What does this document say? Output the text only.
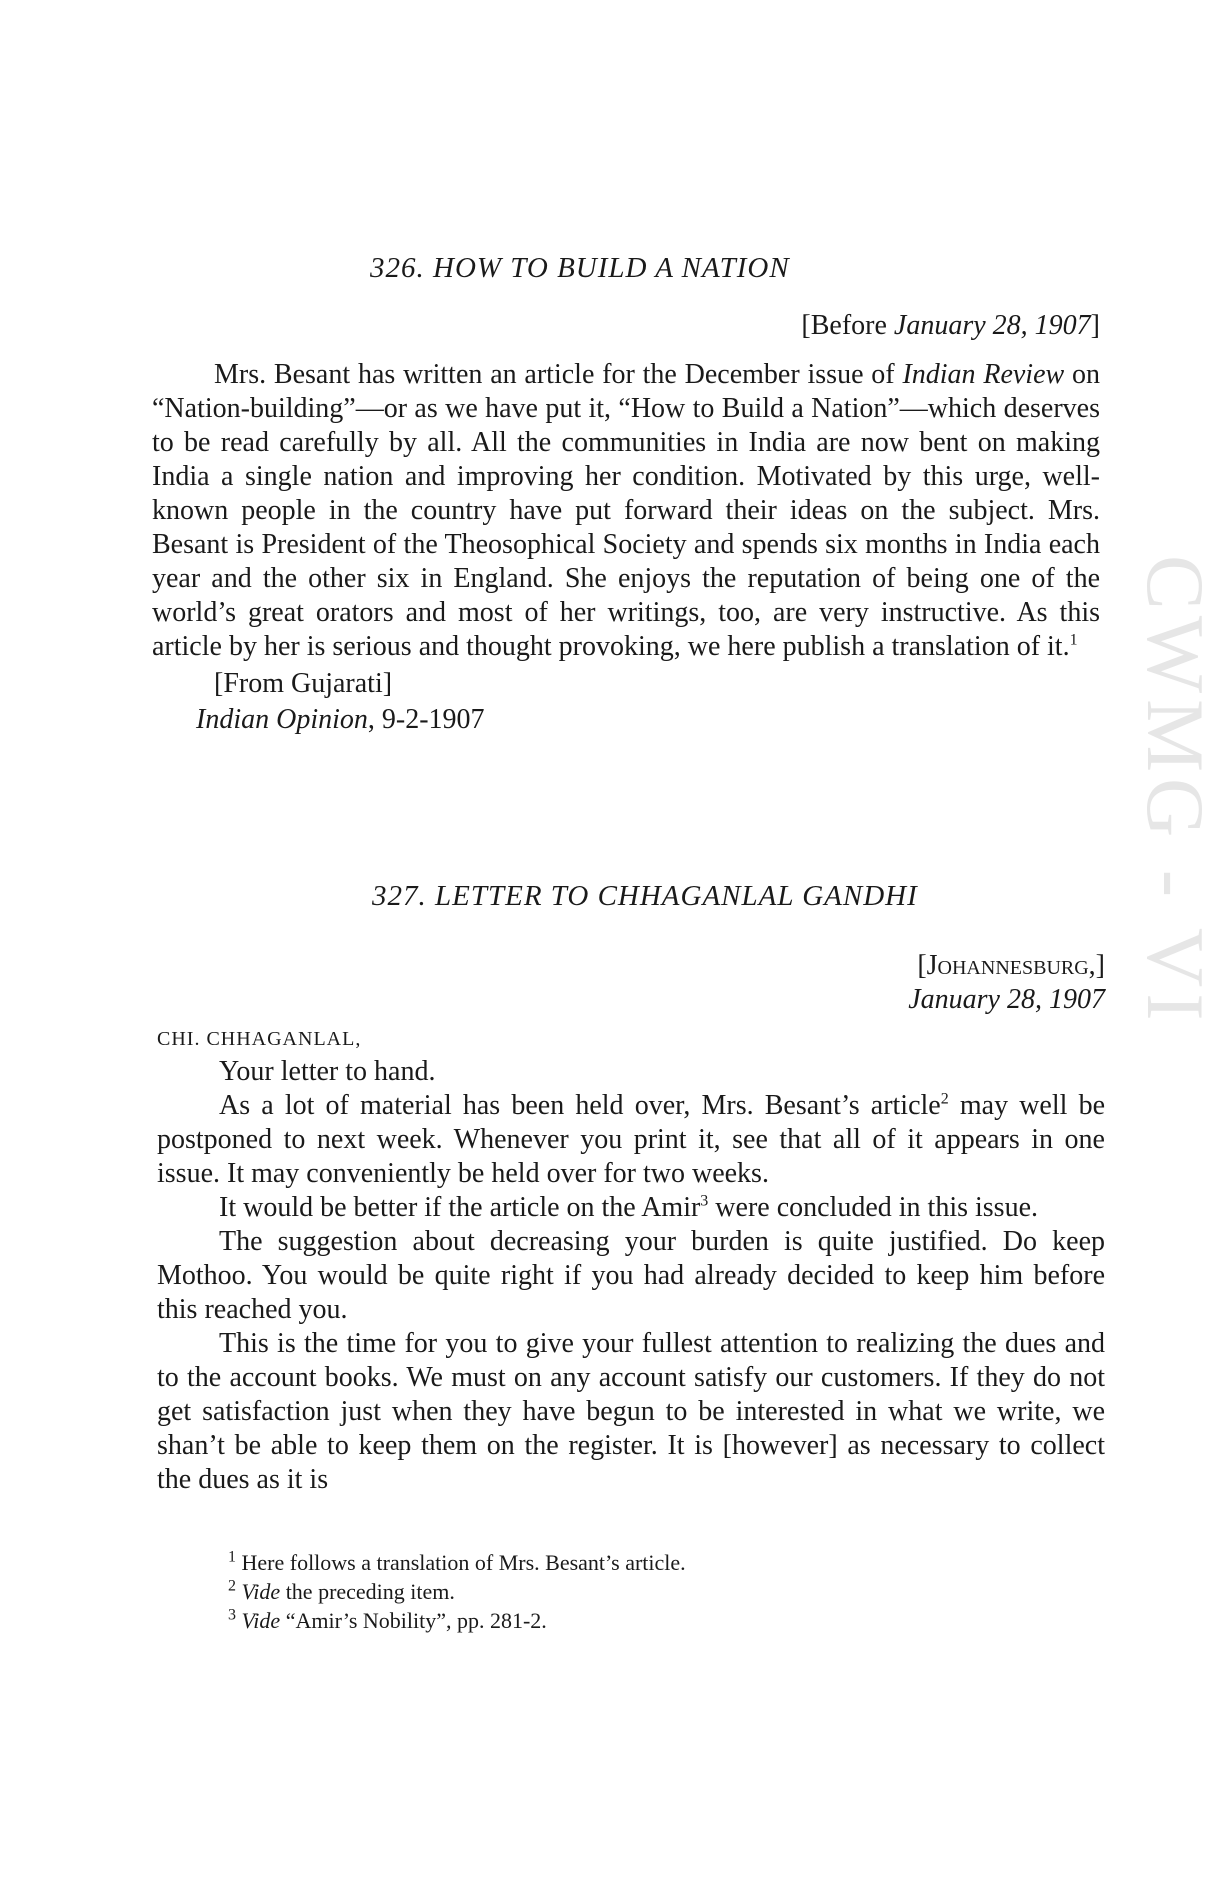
326. HOW TO BUILD A NATION
[Before January 28, 1907]

Mrs. Besant has written an article for the December issue of Indian Review on “Nation-building”—or as we have put it, “How to Build a Nation”—which deserves to be read carefully by all. All the communities in India are now bent on making India a single nation and improving her condition. Motivated by this urge, well-known people in the country have put forward their ideas on the subject. Mrs. Besant is President of the Theosophical Society and spends six months in India each year and the other six in England. She enjoys the reputation of being one of the world’s great orators and most of her writings, too, are very instructive. As this article by her is serious and thought provoking, we here publish a translation of it.$^1$

[From Gujarati]

Indian Opinion, 9-2-1907

327. LETTER TO CHHAGANLAL GANDHI
[Johannesburg,]
January 28, 1907

CHI. CHHAGANLAL,

Your letter to hand.

As a lot of material has been held over, Mrs. Besant’s article$^2$ may well be postponed to next week. Whenever you print it, see that all of it appears in one issue. It may conveniently be held over for two weeks.

It would be better if the article on the Amir$^3$ were concluded in this issue.

The suggestion about decreasing your burden is quite justified. Do keep Mothoo. You would be quite right if you had already decided to keep him before this reached you.

This is the time for you to give your fullest attention to realizing the dues and to the account books. We must on any account satisfy our customers. If they do not get satisfaction just when they have begun to be interested in what we write, we shan’t be able to keep them on the register. It is [however] as necessary to collect the dues as it is

$^1$ Here follows a translation of Mrs. Besant’s article.

$^2$ Vide the preceding item.

$^3$ Vide “Amir’s Nobility”, pp. 281-2.

CWMG - VI
